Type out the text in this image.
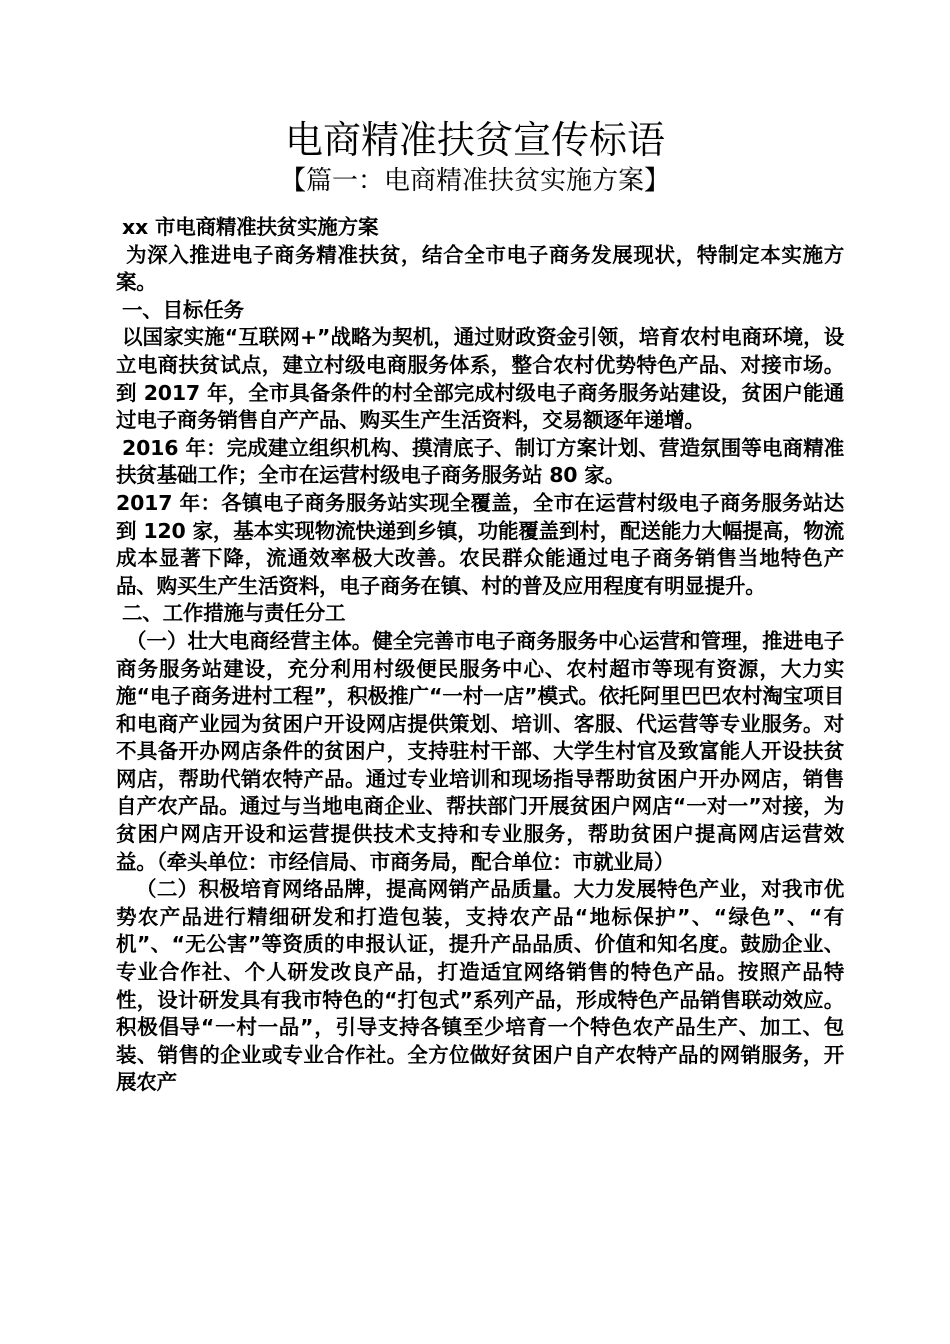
电商精准扶贫宣传标语
【篇一：电商精准扶贫实施方案】

xx 市电商精准扶贫实施方案

为深入推进电子商务精准扶贫，结合全市电子商务发展现状，特制定本实施方案。

一、目标任务

以国家实施“互联网+”战略为契机，通过财政资金引领，培育农村电商环境，设立电商扶贫试点，建立村级电商服务体系，整合农村优势特色产品、对接市场。到 2017 年，全市具备条件的村全部完成村级电子商务服务站建设，贫困户能通过电子商务销售自产产品、购买生产生活资料，交易额逐年递增。

2016 年：完成建立组织机构、摸清底子、制订方案计划、营造氛围等电商精准扶贫基础工作；全市在运营村级电子商务服务站 80 家。

2017 年：各镇电子商务服务站实现全覆盖，全市在运营村级电子商务服务站达到 120 家，基本实现物流快递到乡镇，功能覆盖到村，配送能力大幅提高，物流成本显著下降，流通效率极大改善。农民群众能通过电子商务销售当地特色产品、购买生产生活资料，电子商务在镇、村的普及应用程度有明显提升。

二、工作措施与责任分工

（一）壮大电商经营主体。健全完善市电子商务服务中心运营和管理，推进电子商务服务站建设，充分利用村级便民服务中心、农村超市等现有资源，大力实施“电子商务进村工程”，积极推广“一村一店”模式。依托阿里巴巴农村淘宝项目和电商产业园为贫困户开设网店提供策划、培训、客服、代运营等专业服务。对不具备开办网店条件的贫困户，支持驻村干部、大学生村官及致富能人开设扶贫网店，帮助代销农特产品。通过专业培训和现场指导帮助贫困户开办网店，销售自产农产品。通过与当地电商企业、帮扶部门开展贫困户网店“一对一”对接，为贫困户网店开设和运营提供技术支持和专业服务，帮助贫困户提高网店运营效益。（牵头单位：市经信局、市商务局，配合单位：市就业局）

（二）积极培育网络品牌，提高网销产品质量。大力发展特色产业，对我市优势农产品进行精细研发和打造包装，支持农产品“地标保护”、“绿色”、“有机”、“无公害”等资质的申报认证，提升产品品质、价值和知名度。鼓励企业、专业合作社、个人研发改良产品，打造适宜网络销售的特色产品。按照产品特性，设计研发具有我市特色的“打包式”系列产品，形成特色产品销售联动效应。积极倡导“一村一品”，引导支持各镇至少培育一个特色农产品生产、加工、包装、销售的企业或专业合作社。全方位做好贫困户自产农特产品的网销服务，开展农产
